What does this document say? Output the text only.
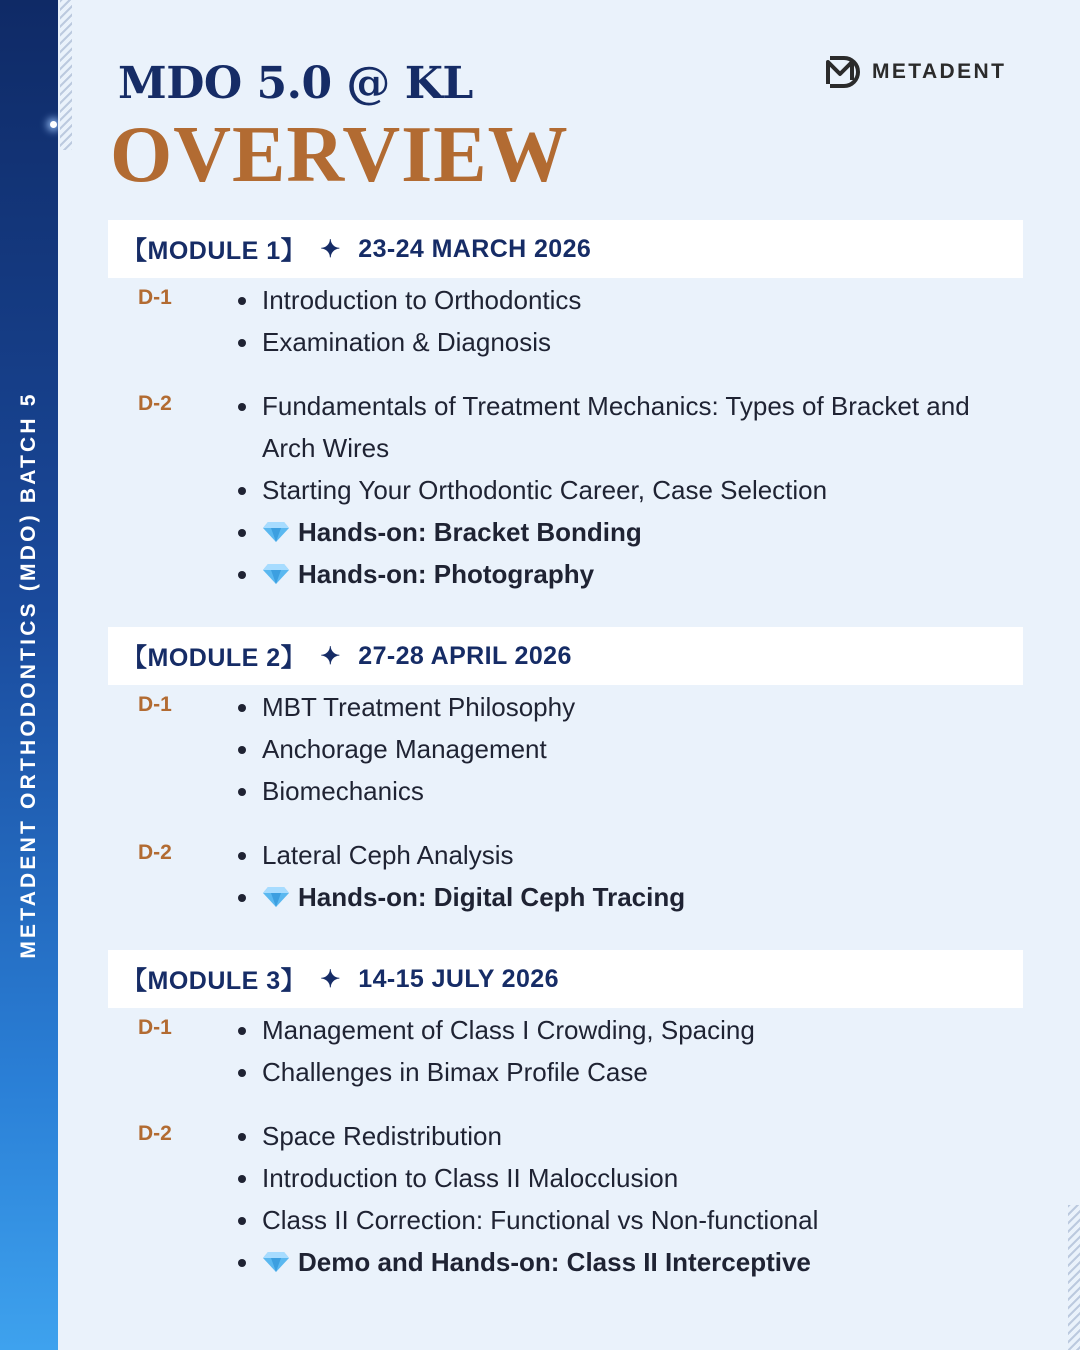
METADENT ORTHODONTICS (MDO) BATCH 5
MDO 5.0 @ KL
OVERVIEW
METADENT
【MODULE 1】 ✦ 23-24 MARCH 2026
D-1	Introduction to Orthodontics
Examination & Diagnosis
D-2	Fundamentals of Treatment Mechanics: Types of Bracket and Arch Wires
Starting Your Orthodontic Career, Case Selection
Hands-on: Bracket Bonding
Hands-on: Photography
【MODULE 2】 ✦ 27-28 APRIL 2026
D-1	MBT Treatment Philosophy
Anchorage Management
Biomechanics
D-2	Lateral Ceph Analysis
Hands-on: Digital Ceph Tracing
【MODULE 3】 ✦ 14-15 JULY 2026
D-1	Management of Class I Crowding, Spacing
Challenges in Bimax Profile Case
D-2	Space Redistribution
Introduction to Class II Malocclusion
Class II Correction: Functional vs Non-functional
Demo and Hands-on: Class II Interceptive
